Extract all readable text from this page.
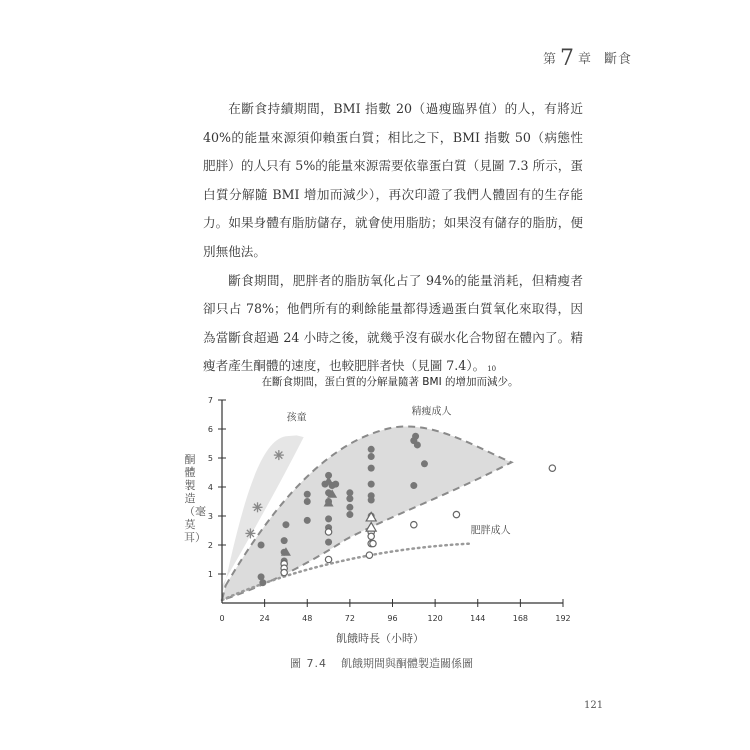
第 7 章 斷食

在斷食持續期間，BMI 指數 20（過瘦臨界值）的人，有將近 40%的能量來源須仰賴蛋白質；相比之下，BMI 指數 50（病態性肥胖）的人只有 5%的能量來源需要依靠蛋白質（見圖 7.3 所示，蛋白質分解隨 BMI 增加而減少），再次印證了我們人體固有的生存能力。如果身體有脂肪儲存，就會使用脂肪；如果沒有儲存的脂肪，便別無他法。

斷食期間，肥胖者的脂肪氧化占了 94%的能量消耗，但精瘦者卻只占 78%；他們所有的剩餘能量都得透過蛋白質氧化來取得，因為當斷食超過 24 小時之後，就幾乎沒有碳水化合物留在體內了。精瘦者產生酮體的速度，也較肥胖者快（見圖 7.4）。 10

在斷食期間，蛋白質的分解量隨著 BMI 的增加而減少。
0	24	48	72	96	120	144	168	192
1
2
3
4
5
6
7
孩童
精瘦成人
肥胖成人
酮體製造（毫莫耳）
飢餓時長（小時）
圖 7.4 飢餓期間與酮體製造關係圖
121
